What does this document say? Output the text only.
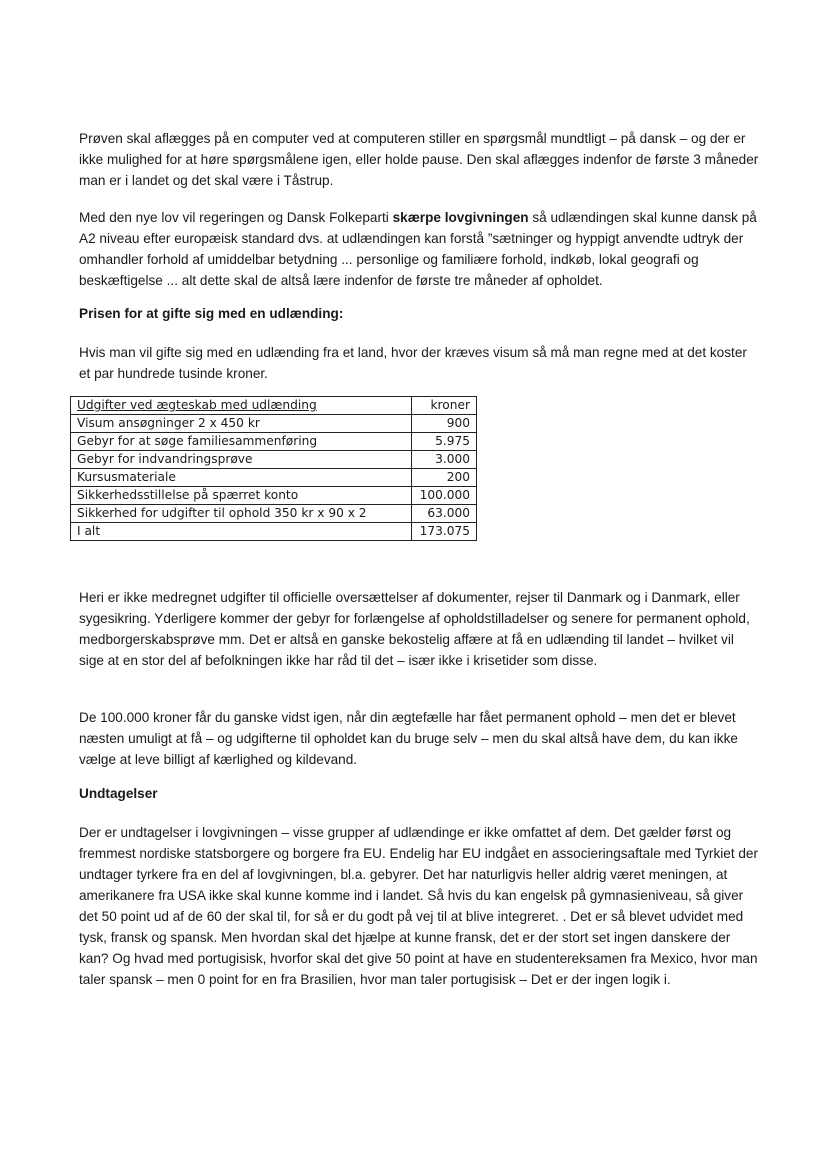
Prøven skal aflægges på en computer ved at computeren stiller en spørgsmål mundtligt – på dansk – og der er ikke mulighed for at høre spørgsmålene igen, eller holde pause. Den skal aflægges indenfor de første 3 måneder man er i landet og det skal være i Tåstrup.

Med den nye lov vil regeringen og Dansk Folkeparti skærpe lovgivningen så udlændingen skal kunne dansk på A2 niveau efter europæisk standard dvs. at udlændingen kan forstå ”sætninger og hyppigt anvendte udtryk der omhandler forhold af umiddelbar betydning ... personlige og familiære forhold, indkøb, lokal geografi og beskæftigelse ... alt dette skal de altså lære indenfor de første tre måneder af opholdet.

Prisen for at gifte sig med en udlænding:

Hvis man vil gifte sig med en udlænding fra et land, hvor der kræves visum så må man regne med at det koster et par hundrede tusinde kroner.

Udgifter ved ægteskab med udlænding	kroner
Visum ansøgninger 2 x 450 kr	900
Gebyr for at søge familiesammenføring	5.975
Gebyr for indvandringsprøve	3.000
Kursusmateriale	200
Sikkerhedsstillelse på spærret konto	100.000
Sikkerhed for udgifter til ophold 350 kr x 90 x 2	63.000
I alt	173.075

Heri er ikke medregnet udgifter til officielle oversættelser af dokumenter, rejser til Danmark og i Danmark, eller sygesikring. Yderligere kommer der gebyr for forlængelse af opholdstilladelser og senere for permanent ophold, medborgerskabsprøve mm. Det er altså en ganske bekostelig affære at få en udlænding til landet – hvilket vil sige at en stor del af befolkningen ikke har råd til det – især ikke i krisetider som disse.

De 100.000 kroner får du ganske vidst igen, når din ægtefælle har fået permanent ophold – men det er blevet næsten umuligt at få – og udgifterne til opholdet kan du bruge selv – men du skal altså have dem, du kan ikke vælge at leve billigt af kærlighed og kildevand.

Undtagelser

Der er undtagelser i lovgivningen – visse grupper af udlændinge er ikke omfattet af dem. Det gælder først og fremmest nordiske statsborgere og borgere fra EU. Endelig har EU indgået en associeringsaftale med Tyrkiet der undtager tyrkere fra en del af lovgivningen, bl.a. gebyrer. Det har naturligvis heller aldrig været meningen, at amerikanere fra USA ikke skal kunne komme ind i landet. Så hvis du kan engelsk på gymnasieniveau, så giver det 50 point ud af de 60 der skal til, for så er du godt på vej til at blive integreret. . Det er så blevet udvidet med tysk, fransk og spansk. Men hvordan skal det hjælpe at kunne fransk, det er der stort set ingen danskere der kan? Og hvad med portugisisk, hvorfor skal det give 50 point at have en studentereksamen fra Mexico, hvor man taler spansk – men 0 point for en fra Brasilien, hvor man taler portugisisk – Det er der ingen logik i.
